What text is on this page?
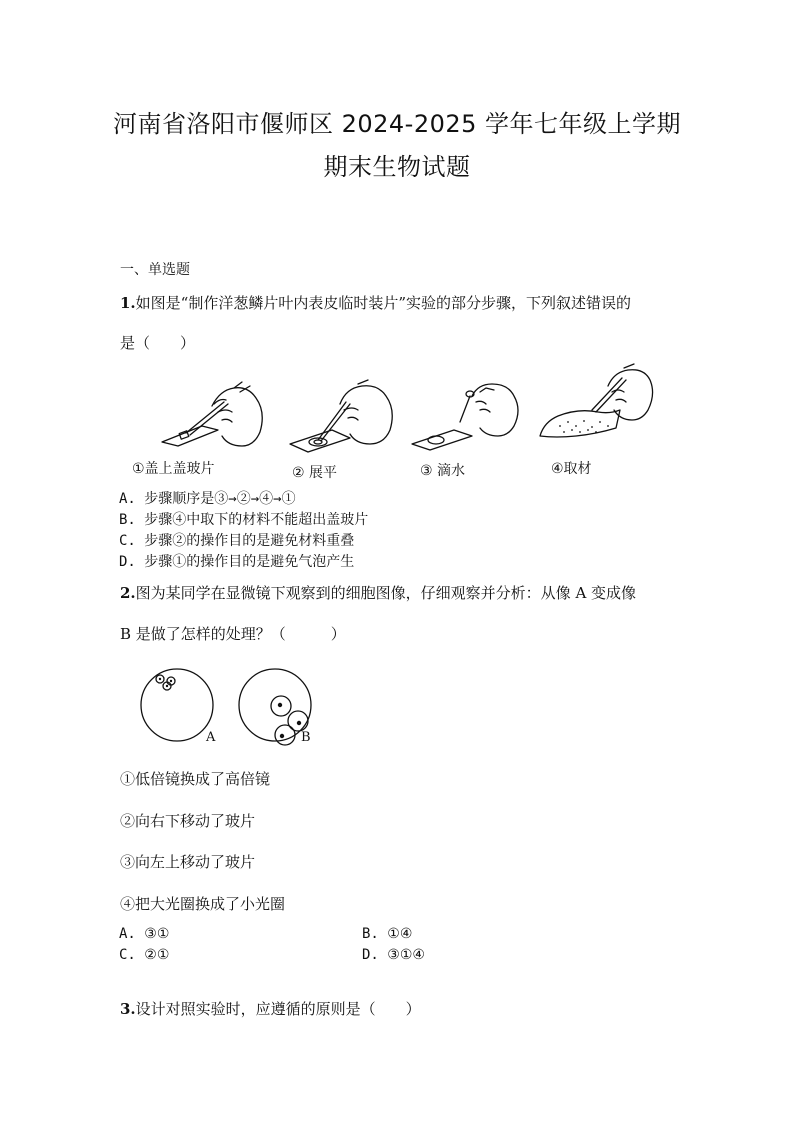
河南省洛阳市偃师区 2024-2025 学年七年级上学期
期末生物试题
一、单选题
1.如图是“制作洋葱鳞片叶内表皮临时装片”实验的部分步骤，下列叙述错误的
是（　　）
①盖上盖玻片	② 展平	③ 滴水	④取材
A. 步骤顺序是③→②→④→①
B. 步骤④中取下的材料不能超出盖玻片
C. 步骤②的操作目的是避免材料重叠
D. 步骤①的操作目的是避免气泡产生
2.图为某同学在显微镜下观察到的细胞图像，仔细观察并分析：从像 A 变成像
B 是做了怎样的处理？（　　　）
A	B
①低倍镜换成了高倍镜
②向右下移动了玻片
③向左上移动了玻片
④把大光圈换成了小光圈
A. ③①	B. ①④
C. ②①	D. ③①④
3.设计对照实验时，应遵循的原则是（　　）
